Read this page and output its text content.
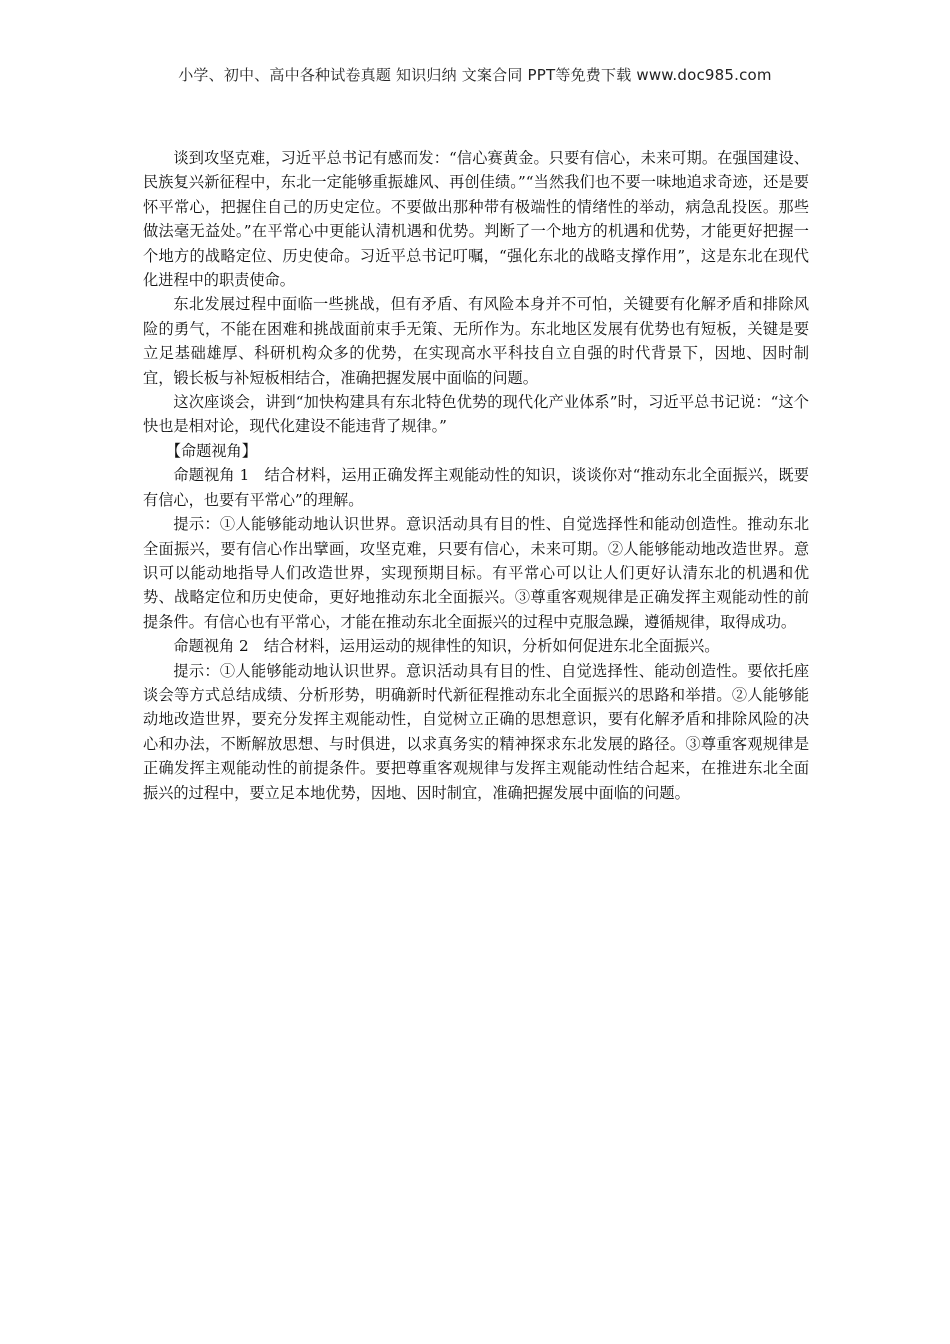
小学、初中、高中各种试卷真题 知识归纳 文案合同 PPT等免费下载 www.doc985.com

谈到攻坚克难，习近平总书记有感而发：“信心赛黄金。只要有信心，未来可期。在强国建设、民族复兴新征程中，东北一定能够重振雄风、再创佳绩。”“当然我们也不要一味地追求奇迹，还是要怀平常心，把握住自己的历史定位。不要做出那种带有极端性的情绪性的举动，病急乱投医。那些做法毫无益处。”在平常心中更能认清机遇和优势。判断了一个地方的机遇和优势，才能更好把握一个地方的战略定位、历史使命。习近平总书记叮嘱，“强化东北的战略支撑作用”，这是东北在现代化进程中的职责使命。

东北发展过程中面临一些挑战，但有矛盾、有风险本身并不可怕，关键要有化解矛盾和排除风险的勇气，不能在困难和挑战面前束手无策、无所作为。东北地区发展有优势也有短板，关键是要立足基础雄厚、科研机构众多的优势，在实现高水平科技自立自强的时代背景下，因地、因时制宜，锻长板与补短板相结合，准确把握发展中面临的问题。

这次座谈会，讲到“加快构建具有东北特色优势的现代化产业体系”时，习近平总书记说：“这个快也是相对论，现代化建设不能违背了规律。”

【命题视角】

命题视角 1 结合材料，运用正确发挥主观能动性的知识，谈谈你对“推动东北全面振兴，既要有信心，也要有平常心”的理解。

提示：①人能够能动地认识世界。意识活动具有目的性、自觉选择性和能动创造性。推动东北全面振兴，要有信心作出擘画，攻坚克难，只要有信心，未来可期。②人能够能动地改造世界。意识可以能动地指导人们改造世界，实现预期目标。有平常心可以让人们更好认清东北的机遇和优势、战略定位和历史使命，更好地推动东北全面振兴。③尊重客观规律是正确发挥主观能动性的前提条件。有信心也有平常心，才能在推动东北全面振兴的过程中克服急躁，遵循规律，取得成功。

命题视角 2 结合材料，运用运动的规律性的知识，分析如何促进东北全面振兴。

提示：①人能够能动地认识世界。意识活动具有目的性、自觉选择性、能动创造性。要依托座谈会等方式总结成绩、分析形势，明确新时代新征程推动东北全面振兴的思路和举措。②人能够能动地改造世界，要充分发挥主观能动性，自觉树立正确的思想意识，要有化解矛盾和排除风险的决心和办法，不断解放思想、与时俱进，以求真务实的精神探求东北发展的路径。③尊重客观规律是正确发挥主观能动性的前提条件。要把尊重客观规律与发挥主观能动性结合起来，在推进东北全面振兴的过程中，要立足本地优势，因地、因时制宜，准确把握发展中面临的问题。
